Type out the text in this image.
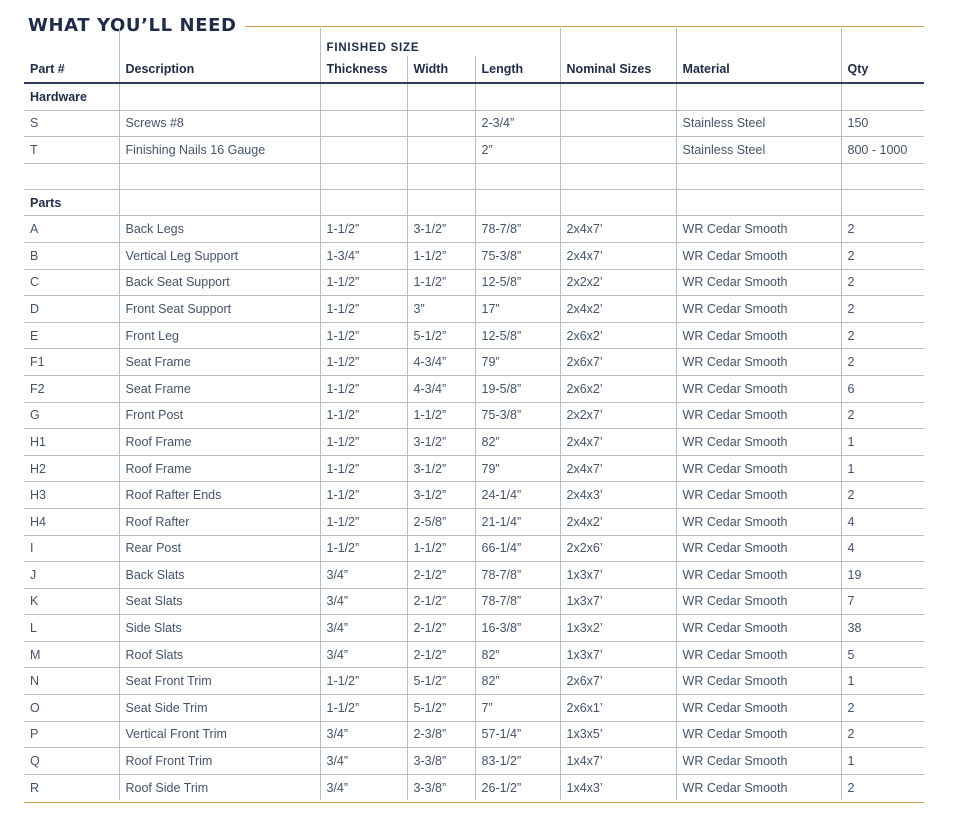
WHAT YOU’LL NEED
		FINISHED SIZE					
Part #	Description	Thickness	Width	Length	Nominal Sizes	Material	Qty
Hardware							
S	Screws #8			2-3/4”		Stainless Steel	150
T	Finishing Nails 16 Gauge			2”		Stainless Steel	800 - 1000

Parts							
A	Back Legs	1-1/2”	3-1/2”	78-7/8”	2x4x7’	WR Cedar Smooth	2
B	Vertical Leg Support	1-3/4”	1-1/2”	75-3/8”	2x4x7’	WR Cedar Smooth	2
C	Back Seat Support	1-1/2”	1-1/2”	12-5/8”	2x2x2’	WR Cedar Smooth	2
D	Front Seat Support	1-1/2”	3”	17”	2x4x2’	WR Cedar Smooth	2
E	Front Leg	1-1/2”	5-1/2”	12-5/8”	2x6x2’	WR Cedar Smooth	2
F1	Seat Frame	1-1/2”	4-3/4”	79”	2x6x7’	WR Cedar Smooth	2
F2	Seat Frame	1-1/2”	4-3/4”	19-5/8”	2x6x2’	WR Cedar Smooth	6
G	Front Post	1-1/2”	1-1/2”	75-3/8”	2x2x7’	WR Cedar Smooth	2
H1	Roof Frame	1-1/2”	3-1/2”	82”	2x4x7’	WR Cedar Smooth	1
H2	Roof Frame	1-1/2”	3-1/2”	79”	2x4x7’	WR Cedar Smooth	1
H3	Roof Rafter Ends	1-1/2”	3-1/2”	24-1/4”	2x4x3’	WR Cedar Smooth	2
H4	Roof Rafter	1-1/2”	2-5/8”	21-1/4”	2x4x2’	WR Cedar Smooth	4
I	Rear Post	1-1/2”	1-1/2”	66-1/4”	2x2x6’	WR Cedar Smooth	4
J	Back Slats	3/4”	2-1/2”	78-7/8”	1x3x7’	WR Cedar Smooth	19
K	Seat Slats	3/4”	2-1/2”	78-7/8”	1x3x7’	WR Cedar Smooth	7
L	Side Slats	3/4”	2-1/2”	16-3/8”	1x3x2’	WR Cedar Smooth	38
M	Roof Slats	3/4”	2-1/2”	82”	1x3x7’	WR Cedar Smooth	5
N	Seat Front Trim	1-1/2”	5-1/2”	82”	2x6x7’	WR Cedar Smooth	1
O	Seat Side Trim	1-1/2”	5-1/2”	7”	2x6x1’	WR Cedar Smooth	2
P	Vertical Front Trim	3/4”	2-3/8”	57-1/4”	1x3x5’	WR Cedar Smooth	2
Q	Roof Front Trim	3/4”	3-3/8”	83-1/2”	1x4x7’	WR Cedar Smooth	1
R	Roof Side Trim	3/4”	3-3/8”	26-1/2”	1x4x3’	WR Cedar Smooth	2
